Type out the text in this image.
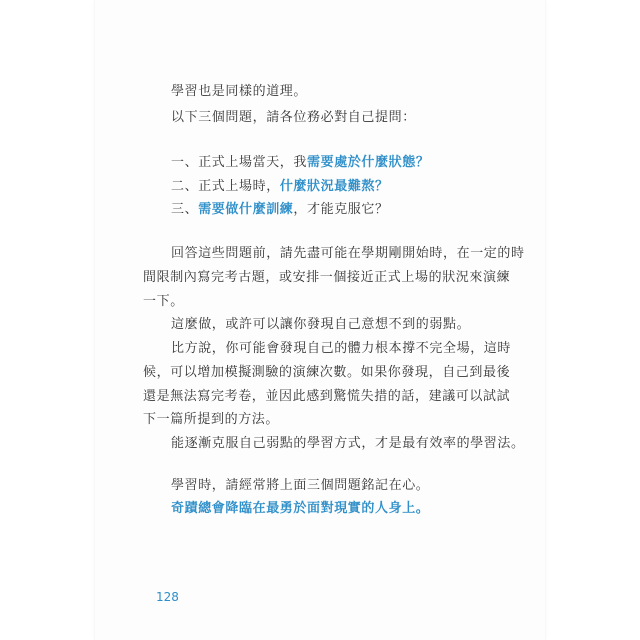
學習也是同樣的道理。
以下三個問題，請各位務必對自己提問：
一、正式上場當天，我需要處於什麼狀態？
二、正式上場時，什麼狀況最難熬？
三、需要做什麼訓練，才能克服它？
回答這些問題前，請先盡可能在學期剛開始時，在一定的時
間限制內寫完考古題，或安排一個接近正式上場的狀況來演練
一下。
這麼做，或許可以讓你發現自己意想不到的弱點。
比方說，你可能會發現自己的體力根本撐不完全場，這時
候，可以增加模擬測驗的演練次數。如果你發現，自己到最後
還是無法寫完考卷，並因此感到驚慌失措的話，建議可以試試
下一篇所提到的方法。
能逐漸克服自己弱點的學習方式，才是最有效率的學習法。
學習時，請經常將上面三個問題銘記在心。
奇蹟總會降臨在最勇於面對現實的人身上。
128
